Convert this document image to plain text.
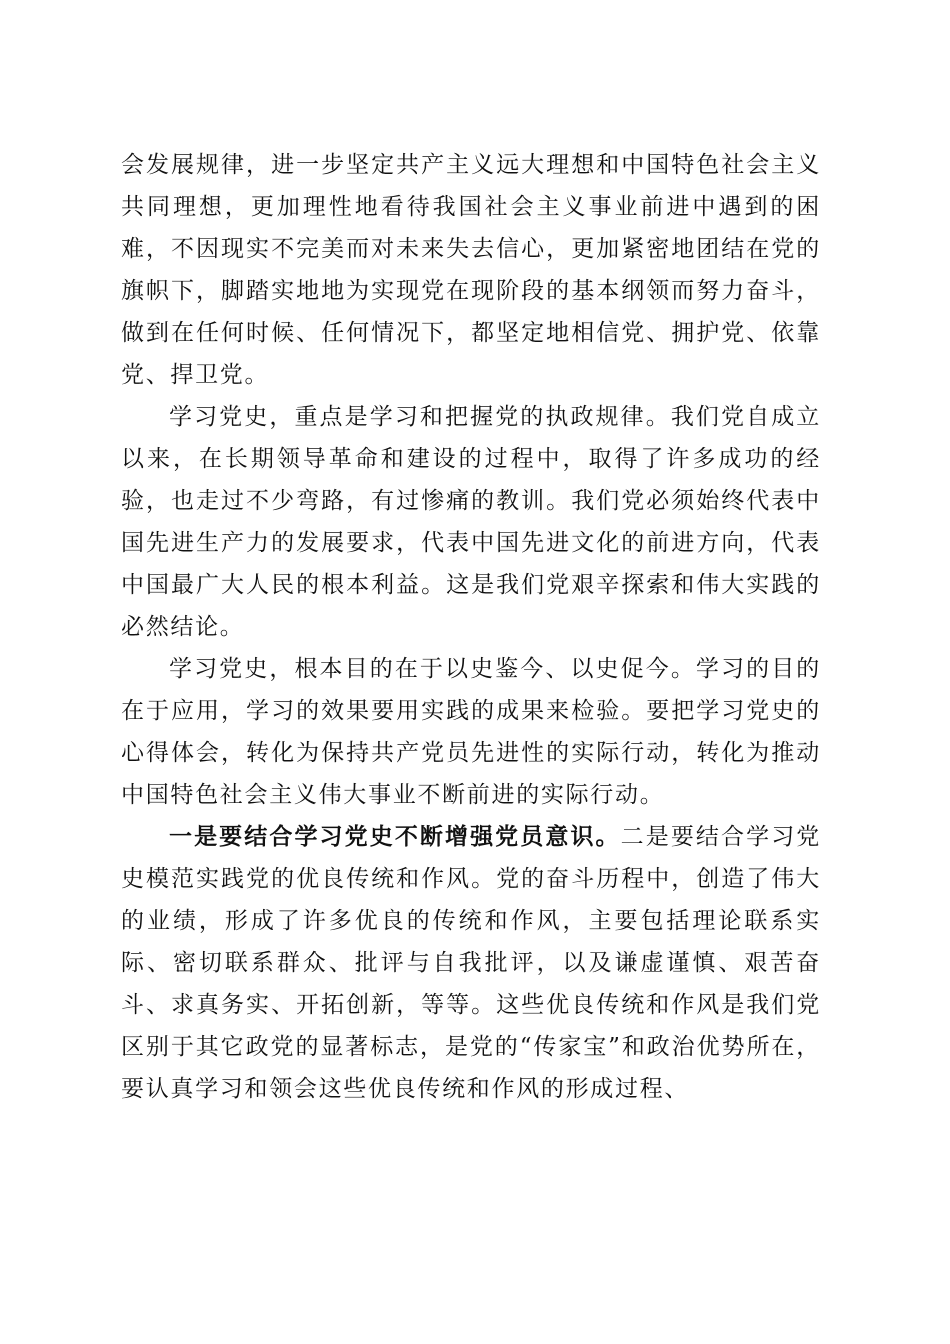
会发展规律，进一步坚定共产主义远大理想和中国特色社会主义共同理想，更加理性地看待我国社会主义事业前进中遇到的困难，不因现实不完美而对未来失去信心，更加紧密地团结在党的旗帜下，脚踏实地地为实现党在现阶段的基本纲领而努力奋斗，做到在任何时候、任何情况下，都坚定地相信党、拥护党、依靠党、捍卫党。

学习党史，重点是学习和把握党的执政规律。我们党自成立以来，在长期领导革命和建设的过程中，取得了许多成功的经验，也走过不少弯路，有过惨痛的教训。我们党必须始终代表中国先进生产力的发展要求，代表中国先进文化的前进方向，代表中国最广大人民的根本利益。这是我们党艰辛探索和伟大实践的必然结论。

学习党史，根本目的在于以史鉴今、以史促今。学习的目的在于应用，学习的效果要用实践的成果来检验。要把学习党史的心得体会，转化为保持共产党员先进性的实际行动，转化为推动中国特色社会主义伟大事业不断前进的实际行动。

一是要结合学习党史不断增强党员意识。二是要结合学习党史模范实践党的优良传统和作风。党的奋斗历程中，创造了伟大的业绩，形成了许多优良的传统和作风，主要包括理论联系实际、密切联系群众、批评与自我批评，以及谦虚谨慎、艰苦奋斗、求真务实、开拓创新，等等。这些优良传统和作风是我们党区别于其它政党的显著标志，是党的“传家宝”和政治优势所在，要认真学习和领会这些优良传统和作风的形成过程、
